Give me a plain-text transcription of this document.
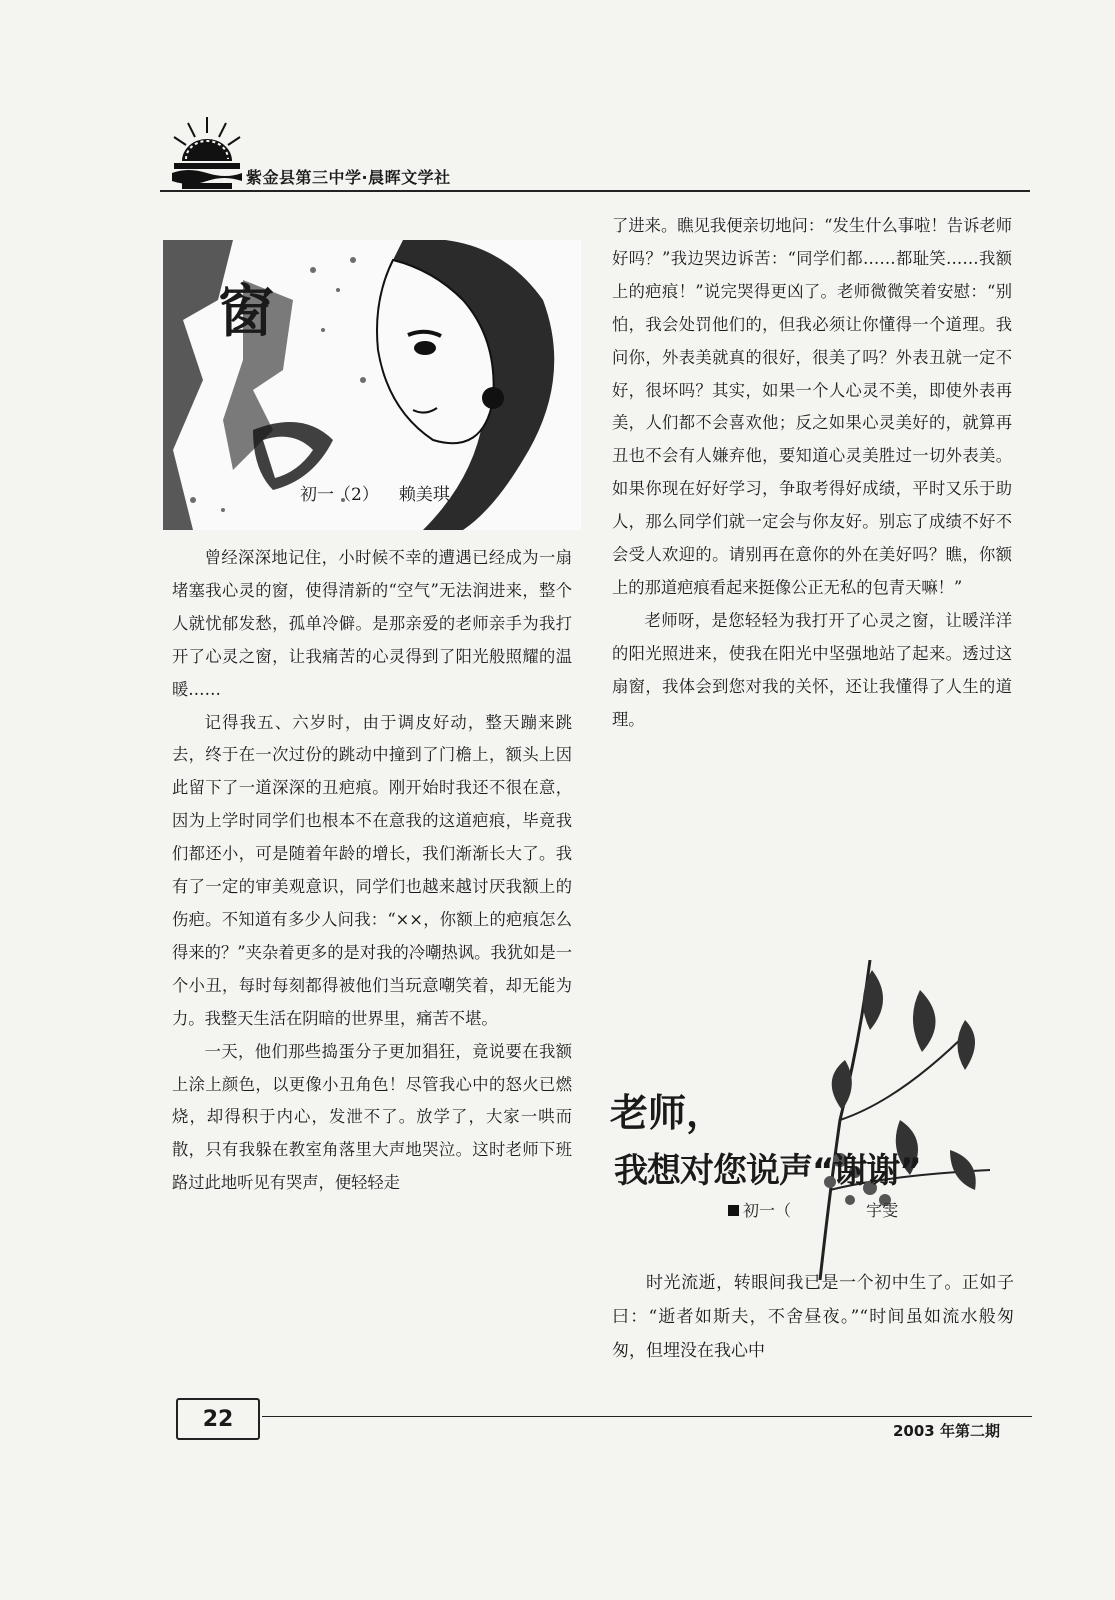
紫金县第三中学·晨晖文学社
窗
初一（2） 赖美琪

曾经深深地记住，小时候不幸的遭遇已经成为一扇堵塞我心灵的窗，使得清新的“空气”无法润进来，整个人就忧郁发愁，孤单冷僻。是那亲爱的老师亲手为我打开了心灵之窗，让我痛苦的心灵得到了阳光般照耀的温暖……

记得我五、六岁时，由于调皮好动，整天蹦来跳去，终于在一次过份的跳动中撞到了门檐上，额头上因此留下了一道深深的丑疤痕。刚开始时我还不很在意，因为上学时同学们也根本不在意我的这道疤痕，毕竟我们都还小，可是随着年龄的增长，我们渐渐长大了。我有了一定的审美观意识，同学们也越来越讨厌我额上的伤疤。不知道有多少人问我：“××，你额上的疤痕怎么得来的？”夹杂着更多的是对我的冷嘲热讽。我犹如是一个小丑，每时每刻都得被他们当玩意嘲笑着，却无能为力。我整天生活在阴暗的世界里，痛苦不堪。

一天，他们那些捣蛋分子更加猖狂，竟说要在我额上涂上颜色，以更像小丑角色！尽管我心中的怒火已燃烧，却得积于内心，发泄不了。放学了，大家一哄而散，只有我躲在教室角落里大声地哭泣。这时老师下班路过此地听见有哭声，便轻轻走

了进来。瞧见我便亲切地问：“发生什么事啦！告诉老师好吗？”我边哭边诉苦：“同学们都……都耻笑……我额上的疤痕！”说完哭得更凶了。老师微微笑着安慰：“别怕，我会处罚他们的，但我必须让你懂得一个道理。我问你，外表美就真的很好，很美了吗？外表丑就一定不好，很坏吗？其实，如果一个人心灵不美，即使外表再美，人们都不会喜欢他；反之如果心灵美好的，就算再丑也不会有人嫌弃他，要知道心灵美胜过一切外表美。如果你现在好好学习，争取考得好成绩，平时又乐于助人，那么同学们就一定会与你友好。别忘了成绩不好不会受人欢迎的。请别再在意你的外在美好吗？瞧，你额上的那道疤痕看起来挺像公正无私的包青天嘛！”

老师呀，是您轻轻为我打开了心灵之窗，让暖洋洋的阳光照进来，使我在阳光中坚强地站了起来。透过这扇窗，我体会到您对我的关怀，还让我懂得了人生的道理。

老师，
我想对您说声“谢谢”
初一（	宇雯

时光流逝，转眼间我已是一个初中生了。正如子曰：“逝者如斯夫，不舍昼夜。”“时间虽如流水般匆匆，但埋没在我心中

22	2003 年第二期
